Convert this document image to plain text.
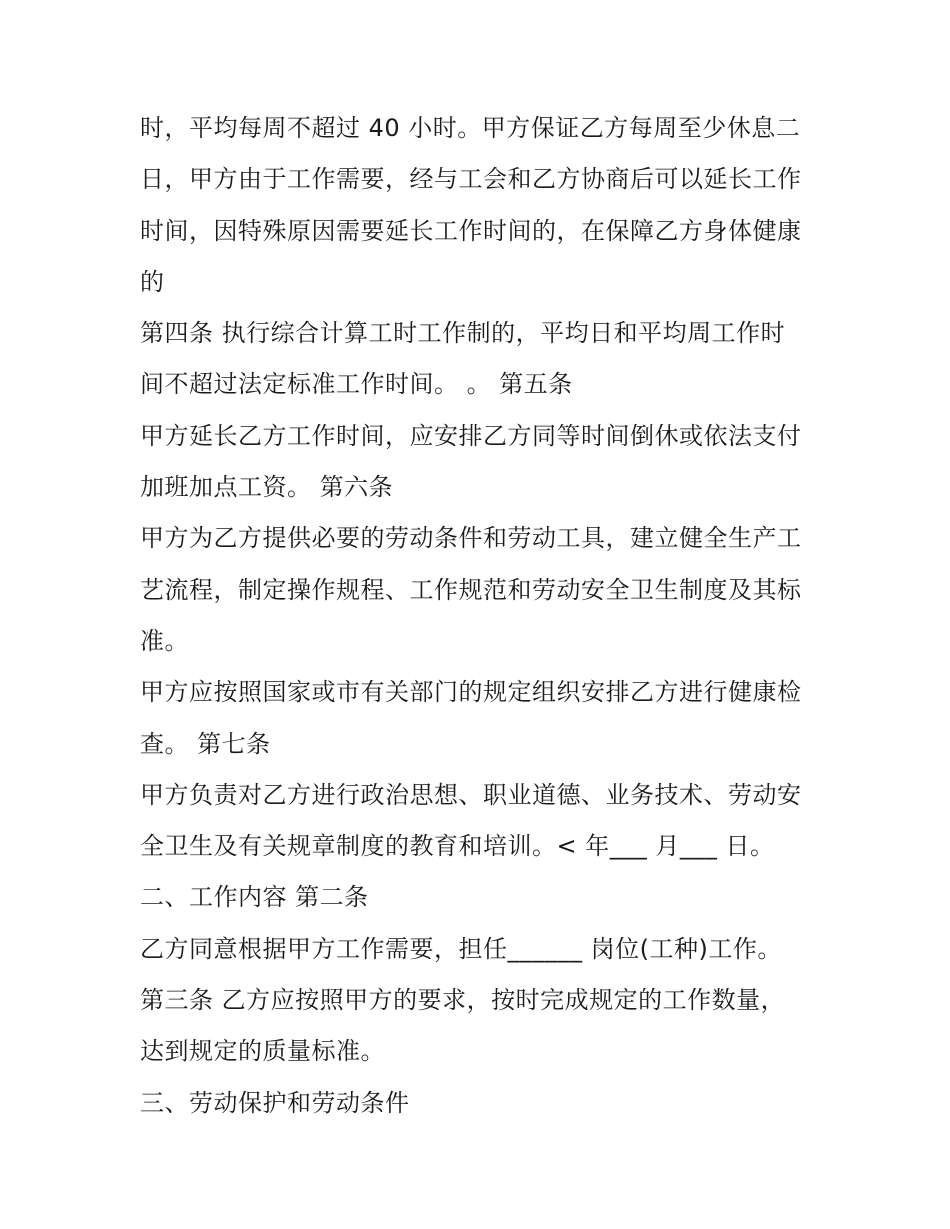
时，平均每周不超过 40 小时。甲方保证乙方每周至少休息二

日，甲方由于工作需要，经与工会和乙方协商后可以延长工作

时间，因特殊原因需要延长工作时间的，在保障乙方身体健康

的

第四条 执行综合计算工时工作制的，平均日和平均周工作时

间不超过法定标准工作时间。 。 第五条

甲方延长乙方工作时间，应安排乙方同等时间倒休或依法支付

加班加点工资。 第六条

甲方为乙方提供必要的劳动条件和劳动工具，建立健全生产工

艺流程，制定操作规程、工作规范和劳动安全卫生制度及其标

准。

甲方应按照国家或市有关部门的规定组织安排乙方进行健康检

查。 第七条

甲方负责对乙方进行政治思想、职业道德、业务技术、劳动安

全卫生及有关规章制度的教育和培训。< 年___ 月___ 日。

二、工作内容 第二条

乙方同意根据甲方工作需要，担任______ 岗位(工种)工作。

第三条 乙方应按照甲方的要求，按时完成规定的工作数量，

达到规定的质量标准。

三、劳动保护和劳动条件
